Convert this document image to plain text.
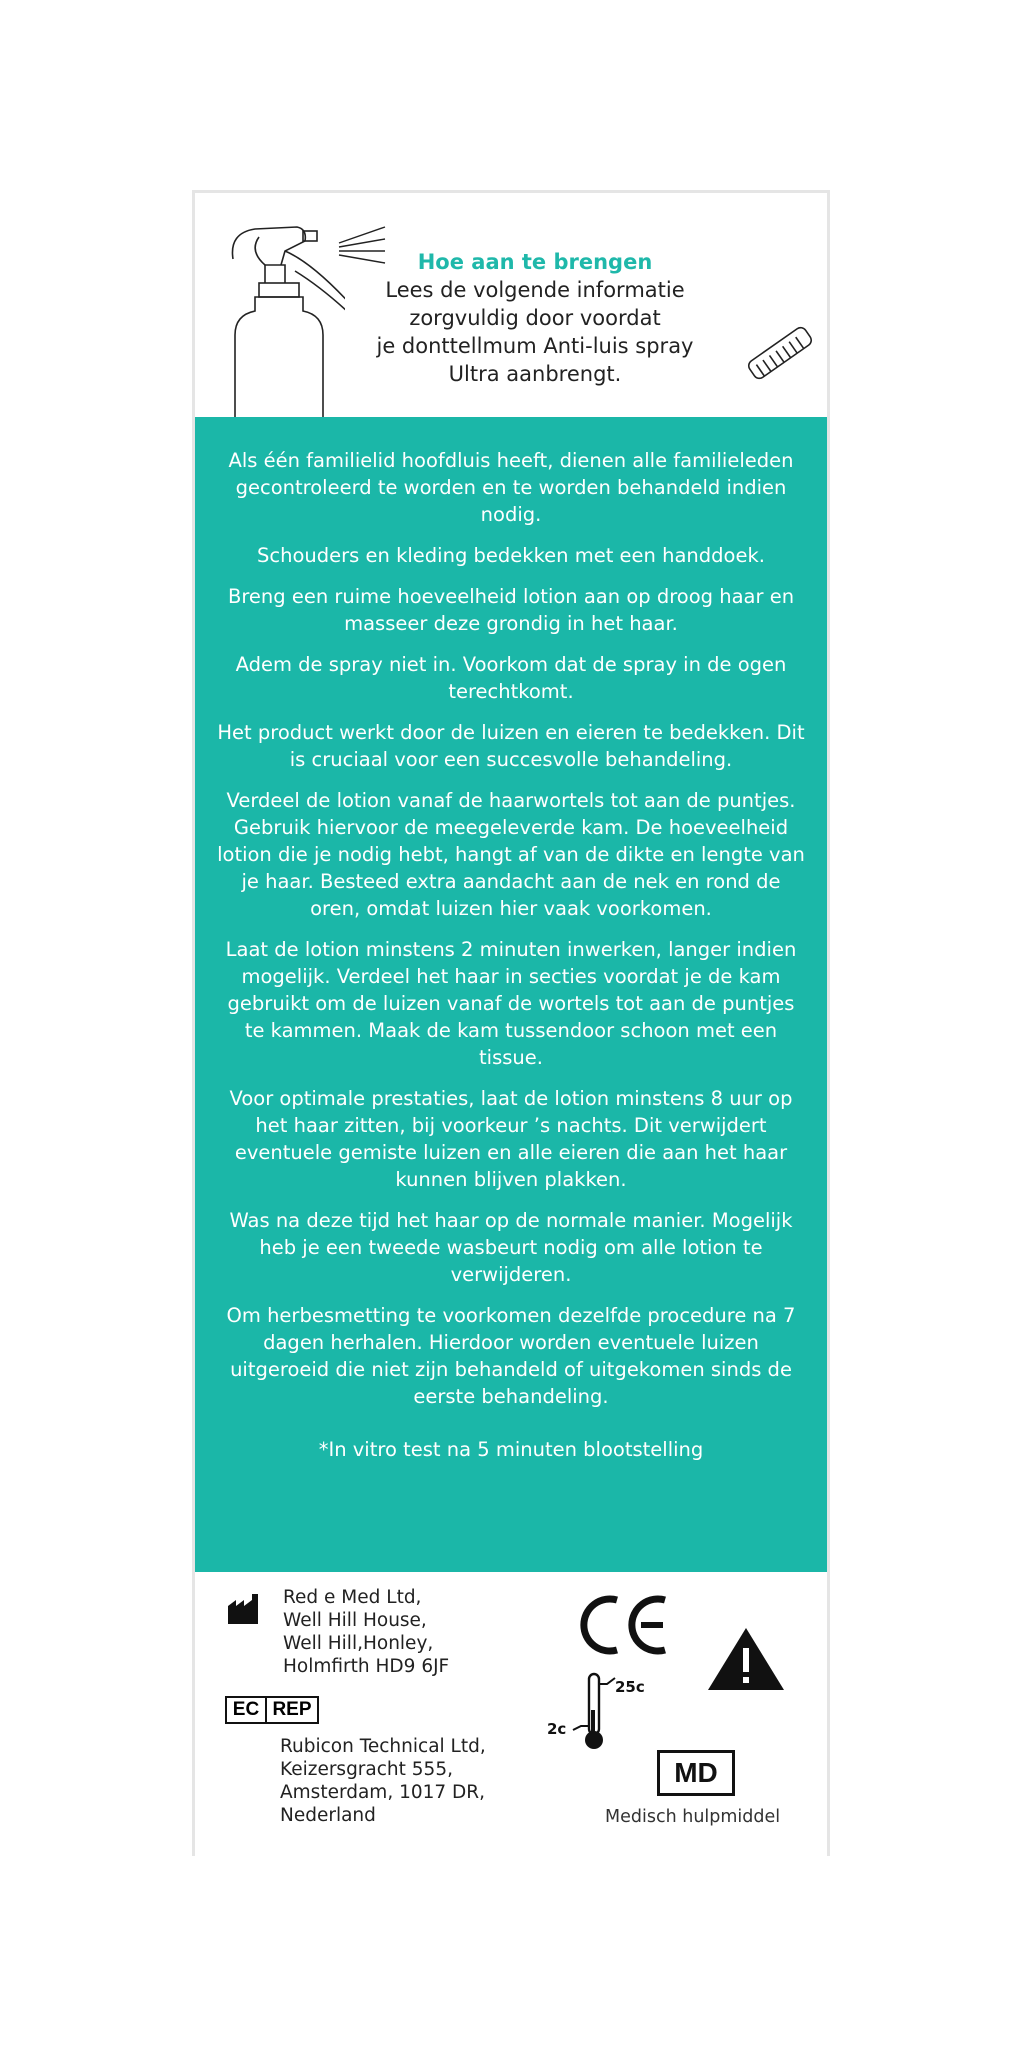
Hoe aan te brengen
Lees de volgende informatie
zorgvuldig door voordat
je donttellmum Anti-luis spray
Ultra aanbrengt.

Als één familielid hoofdluis heeft, dienen alle familieleden gecontroleerd te worden en te worden behandeld indien nodig.

Schouders en kleding bedekken met een handdoek.

Breng een ruime hoeveelheid lotion aan op droog haar en masseer deze grondig in het haar.

Adem de spray niet in. Voorkom dat de spray in de ogen terechtkomt.

Het product werkt door de luizen en eieren te bedekken. Dit is cruciaal voor een succesvolle behandeling.

Verdeel de lotion vanaf de haarwortels tot aan de puntjes. Gebruik hiervoor de meegeleverde kam. De hoeveelheid lotion die je nodig hebt, hangt af van de dikte en lengte van je haar. Besteed extra aandacht aan de nek en rond de oren, omdat luizen hier vaak voorkomen.

Laat de lotion minstens 2 minuten inwerken, langer indien mogelijk. Verdeel het haar in secties voordat je de kam gebruikt om de luizen vanaf de wortels tot aan de puntjes te kammen. Maak de kam tussendoor schoon met een tissue.

Voor optimale prestaties, laat de lotion minstens 8 uur op het haar zitten, bij voorkeur ’s nachts. Dit verwijdert eventuele gemiste luizen en alle eieren die aan het haar kunnen blijven plakken.

Was na deze tijd het haar op de normale manier. Mogelijk heb je een tweede wasbeurt nodig om alle lotion te verwijderen.

Om herbesmetting te voorkomen dezelfde procedure na 7 dagen herhalen. Hierdoor worden eventuele luizen uitgeroeid die niet zijn behandeld of uitgekomen sinds de eerste behandeling.

*In vitro test na 5 minuten blootstelling

Red e Med Ltd,
Well Hill House,
Well Hill,Honley,
Holmfirth HD9 6JF
EC REP
Rubicon Technical Ltd,
Keizersgracht 555,
Amsterdam, 1017 DR,
Nederland
25c
2c
MD
Medisch hulpmiddel
